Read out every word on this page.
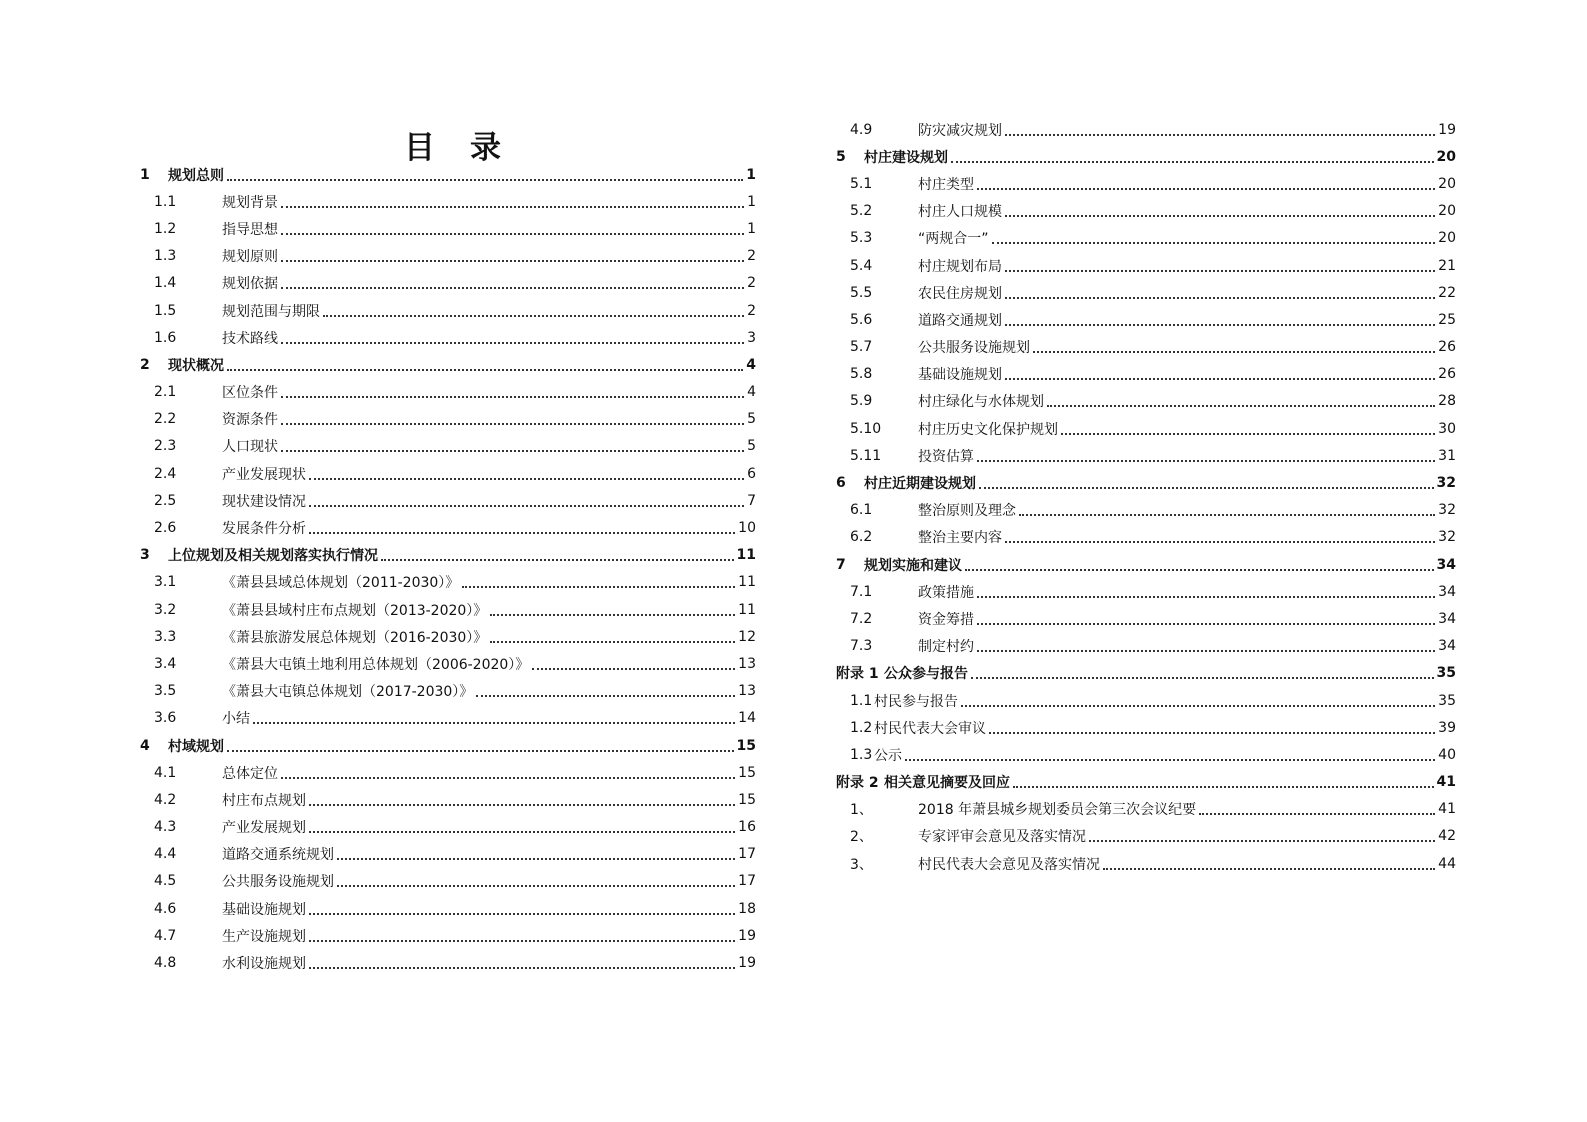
目 录
1	规划总则	1
1.1	规划背景	1
1.2	指导思想	1
1.3	规划原则	2
1.4	规划依据	2
1.5	规划范围与期限	2
1.6	技术路线	3
2	现状概况	4
2.1	区位条件	4
2.2	资源条件	5
2.3	人口现状	5
2.4	产业发展现状	6
2.5	现状建设情况	7
2.6	发展条件分析	10
3	上位规划及相关规划落实执行情况	11
3.1	《萧县县域总体规划（2011-2030）》	11
3.2	《萧县县域村庄布点规划（2013-2020）》	11
3.3	《萧县旅游发展总体规划（2016-2030）》	12
3.4	《萧县大屯镇土地利用总体规划（2006-2020）》	13
3.5	《萧县大屯镇总体规划（2017-2030）》	13
3.6	小结	14
4	村域规划	15
4.1	总体定位	15
4.2	村庄布点规划	15
4.3	产业发展规划	16
4.4	道路交通系统规划	17
4.5	公共服务设施规划	17
4.6	基础设施规划	18
4.7	生产设施规划	19
4.8	水利设施规划	19
4.9	防灾减灾规划	19
5	村庄建设规划	20
5.1	村庄类型	20
5.2	村庄人口规模	20
5.3	“两规合一”	20
5.4	村庄规划布局	21
5.5	农民住房规划	22
5.6	道路交通规划	25
5.7	公共服务设施规划	26
5.8	基础设施规划	26
5.9	村庄绿化与水体规划	28
5.10	村庄历史文化保护规划	30
5.11	投资估算	31
6	村庄近期建设规划	32
6.1	整治原则及理念	32
6.2	整治主要内容	32
7	规划实施和建议	34
7.1	政策措施	34
7.2	资金筹措	34
7.3	制定村约	34
附录 1 公众参与报告	35
1.1 村民参与报告	35
1.2 村民代表大会审议	39
1.3 公示	40
附录 2 相关意见摘要及回应	41
1、	2018 年萧县城乡规划委员会第三次会议纪要	41
2、	专家评审会意见及落实情况	42
3、	村民代表大会意见及落实情况	44
